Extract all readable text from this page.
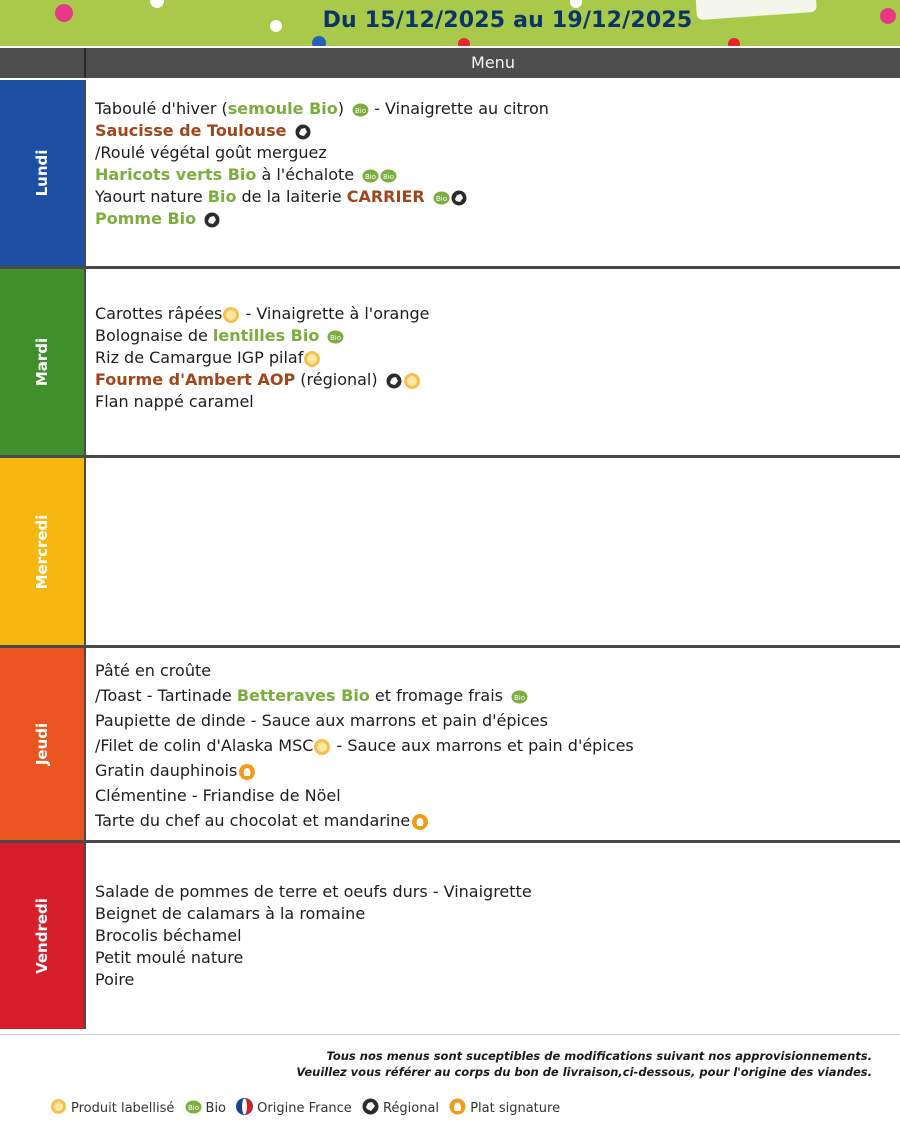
Du 15/12/2025 au 19/12/2025
Menu
Lundi
Taboulé d'hiver (semoule Bio) Bio - Vinaigrette au citron
Saucisse de Toulouse
/Roulé végétal goût merguez
Haricots verts Bio à l'échalote Bio Bio
Yaourt nature Bio de la laiterie CARRIER Bio
Pomme Bio
Mardi
Carottes râpées
- Vinaigrette à l'orange
Bolognaise de lentilles Bio Bio
Riz de Camargue IGP pilaf
Fourme d'Ambert AOP (régional)
Flan nappé caramel
Mercredi
Jeudi
Pâté en croûte
/Toast - Tartinade Betteraves Bio et fromage frais Bio
Paupiette de dinde - Sauce aux marrons et pain d'épices
/Filet de colin d'Alaska MSC
- Sauce aux marrons et pain d'épices
Gratin dauphinois
Clémentine - Friandise de Nöel
Tarte du chef au chocolat et mandarine
Vendredi
Salade de pommes de terre et oeufs durs - Vinaigrette
Beignet de calamars à la romaine
Brocolis béchamel
Petit moulé nature
Poire
Tous nos menus sont suceptibles de modifications suivant nos approvisionnements.
Veuillez vous référer au corps du bon de livraison,ci-dessous, pour l'origine des viandes.
Produit labellisé Bio Bio Origine France Régional Plat signature
